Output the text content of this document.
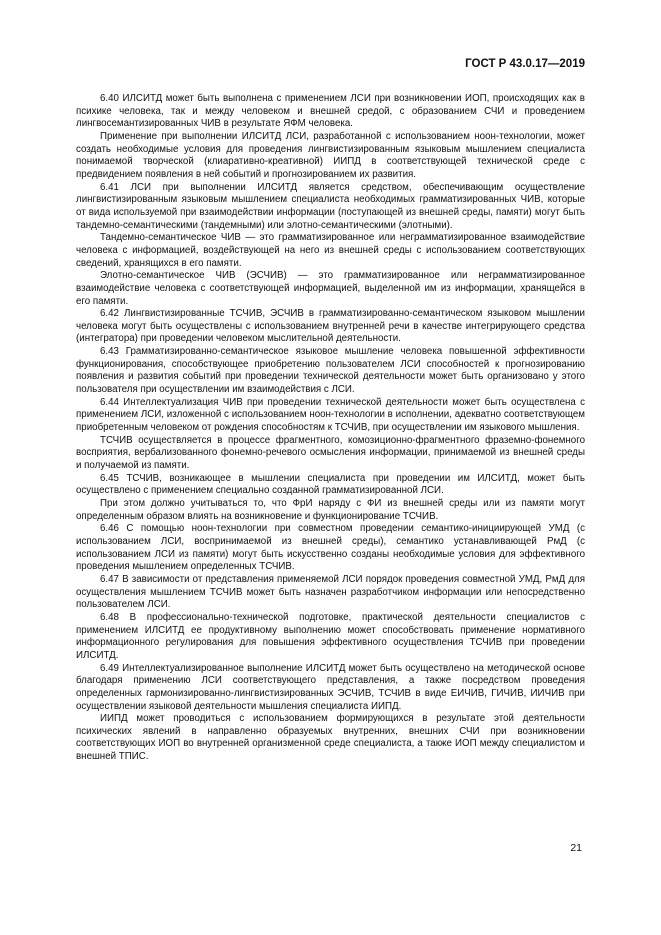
ГОСТ Р 43.0.17—2019

6.40 ИЛСИТД может быть выполнена с применением ЛСИ при возникновении ИОП, происходящих как в психике человека, так и между человеком и внешней средой, с образованием СЧИ и проведением лингвосемантизированных ЧИВ в результате ЯФМ человека.

Применение при выполнении ИЛСИТД ЛСИ, разработанной с использованием ноон-технологии, может создать необходимые условия для проведения лингвистизированным языковым мышлением специалиста понимаемой творческой (клиаративно-креативной) ИИПД в соответствующей технической среде с предвидением появления в ней событий и прогнозированием их развития.

6.41 ЛСИ при выполнении ИЛСИТД является средством, обеспечивающим осуществление лингвистизированным языковым мышлением специалиста необходимых грамматизированных ЧИВ, которые от вида используемой при взаимодействии информации (поступающей из внешней среды, памяти) могут быть тандемно-семантическими (тандемными) или элотно-семантическими (элотными).

Тандемно-семантическое ЧИВ — это грамматизированное или неграмматизированное взаимодействие человека с информацией, воздействующей на него из внешней среды с использованием соответствующих сведений, хранящихся в его памяти.

Элотно-семантическое ЧИВ (ЭСЧИВ) — это грамматизированное или неграмматизированное взаимодействие человека с соответствующей информацией, выделенной им из информации, хранящейся в его памяти.

6.42 Лингвистизированные ТСЧИВ, ЭСЧИВ в грамматизированно-семантическом языковом мышлении человека могут быть осуществлены с использованием внутренней речи в качестве интегрирующего средства (интегратора) при проведении человеком мыслительной деятельности.

6.43 Грамматизированно-семантическое языковое мышление человека повышенной эффективности функционирования, способствующее приобретению пользователем ЛСИ способностей к прогнозированию появления и развития событий при проведении технической деятельности может быть организовано у этого пользователя при осуществлении им взаимодействия с ЛСИ.

6.44 Интеллектуализация ЧИВ при проведении технической деятельности может быть осуществлена с применением ЛСИ, изложенной с использованием ноон-технологии в исполнении, адекватно соответствующем приобретенным человеком от рождения способностям к ТСЧИВ, при осуществлении им языкового мышления.

ТСЧИВ осуществляется в процессе фрагментного, комозиционно-фрагментного фраземно-фонемного восприятия, вербализованного фонемно-речевого осмысления информации, принимаемой из внешней среды и получаемой из памяти.

6.45 ТСЧИВ, возникающее в мышлении специалиста при проведении им ИЛСИТД, может быть осуществлено с применением специально созданной грамматизированной ЛСИ.

При этом должно учитываться то, что ФрИ наряду с ФИ из внешней среды или из памяти могут определенным образом влиять на возникновение и функционирование ТСЧИВ.

6.46 С помощью ноон-технологии при совместном проведении семантико-инициирующей УМД (с использованием ЛСИ, воспринимаемой из внешней среды), семантико устанавливающей РмД (с использованием ЛСИ из памяти) могут быть искусственно созданы необходимые условия для эффективного проведения мышлением определенных ТСЧИВ.

6.47 В зависимости от представления применяемой ЛСИ порядок проведения совместной УМД, РмД для осуществления мышлением ТСЧИВ может быть назначен разработчиком информации или непосредственно пользователем ЛСИ.

6.48 В профессионально-технической подготовке, практической деятельности специалистов с применением ИЛСИТД ее продуктивному выполнению может способствовать применение нормативного информационного регулирования для повышения эффективного осуществления ТСЧИВ при проведении ИЛСИТД.

6.49 Интеллектуализированное выполнение ИЛСИТД может быть осуществлено на методической основе благодаря применению ЛСИ соответствующего представления, а также посредством проведения определенных гармонизированно-лингвистизированных ЭСЧИВ, ТСЧИВ в виде ЕИЧИВ, ГИЧИВ, ИИЧИВ при осуществлении языковой деятельности мышления специалиста ИИПД.

ИИПД может проводиться с использованием формирующихся в результате этой деятельности психических явлений в направленно образуемых внутренних, внешних СЧИ при возникновении соответствующих ИОП во внутренней организменной среде специалиста, а также ИОП между специалистом и внешней ТПИС.

21
